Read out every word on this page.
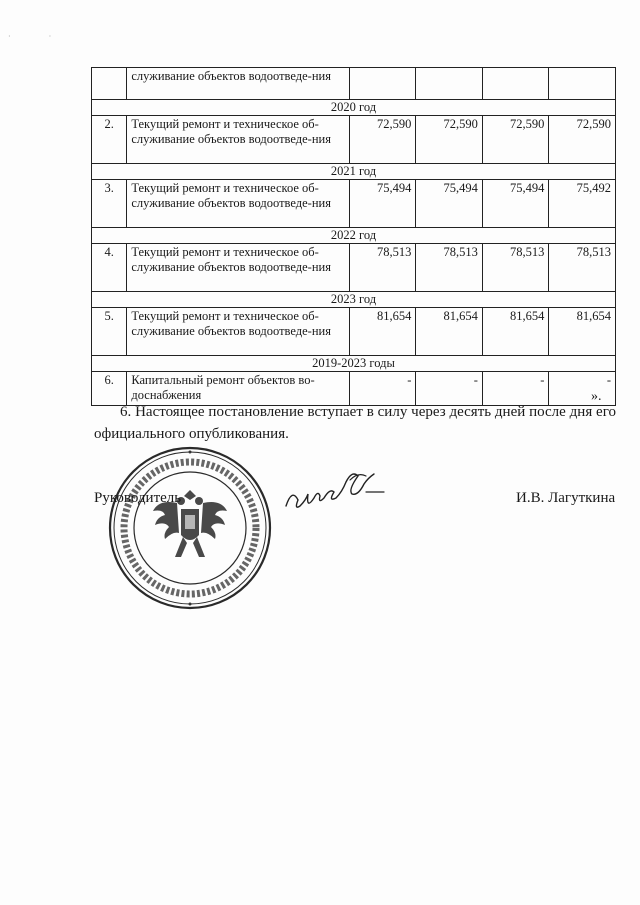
· ·
	служивание объектов водоотведе-ния				
2020 год					
2.	Текущий ремонт и техническое об-служивание объектов водоотведе-ния	72,590	72,590	72,590	72,590
2021 год					
3.	Текущий ремонт и техническое об-служивание объектов водоотведе-ния	75,494	75,494	75,494	75,492
2022 год					
4.	Текущий ремонт и техническое об-служивание объектов водоотведе-ния	78,513	78,513	78,513	78,513
2023 год					
5.	Текущий ремонт и техническое об-служивание объектов водоотведе-ния	81,654	81,654	81,654	81,654
2019-2023 годы					
6.	Капитальный ремонт объектов во-доснабжения	-	-	-	-
».
6. Настоящее постановление вступает в силу через десять дней после дня его официального опубликования.
Руководитель	И.В. Лагуткина
